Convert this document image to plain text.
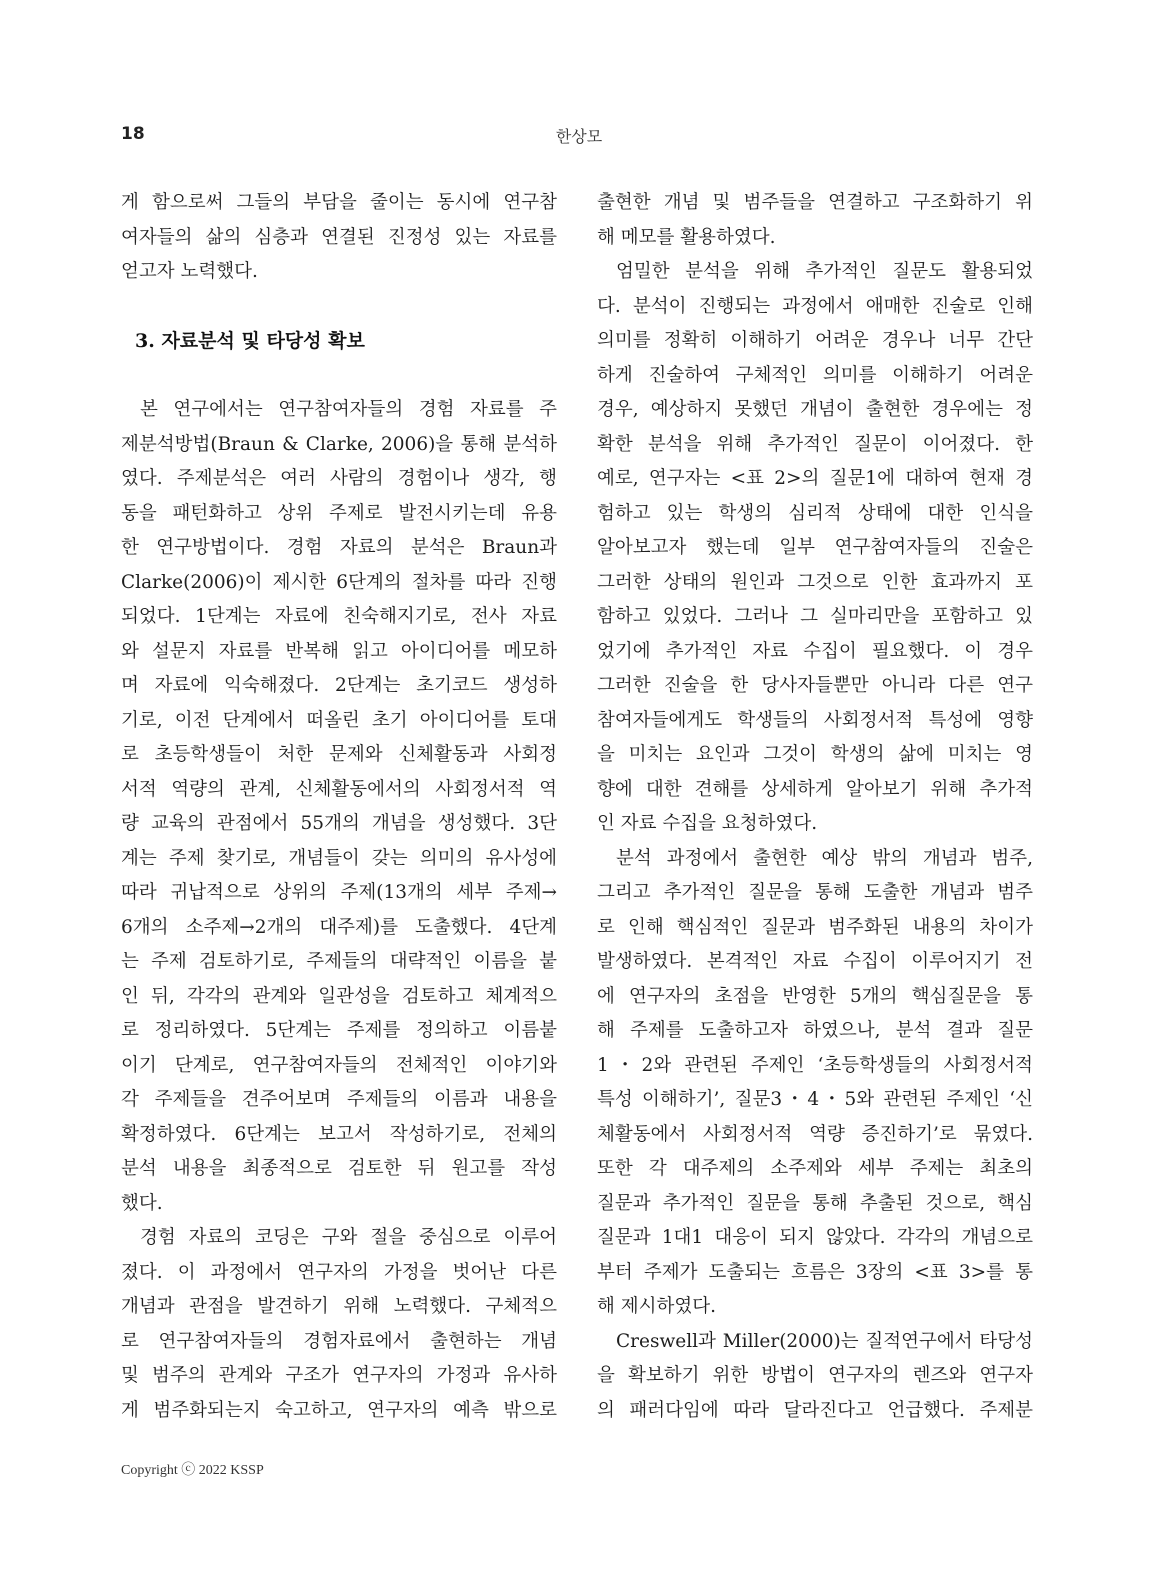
18	한상모
게 함으로써 그들의 부담을 줄이는 동시에 연구참
여자들의 삶의 심층과 연결된 진정성 있는 자료를
얻고자 노력했다.
3. 자료분석 및 타당성 확보
본 연구에서는 연구참여자들의 경험 자료를 주
제분석방법(Braun & Clarke, 2006)을 통해 분석하
였다. 주제분석은 여러 사람의 경험이나 생각, 행
동을 패턴화하고 상위 주제로 발전시키는데 유용
한 연구방법이다. 경험 자료의 분석은 Braun과
Clarke(2006)이 제시한 6단계의 절차를 따라 진행
되었다. 1단계는 자료에 친숙해지기로, 전사 자료
와 설문지 자료를 반복해 읽고 아이디어를 메모하
며 자료에 익숙해졌다. 2단계는 초기코드 생성하
기로, 이전 단계에서 떠올린 초기 아이디어를 토대
로 초등학생들이 처한 문제와 신체활동과 사회정
서적 역량의 관계, 신체활동에서의 사회정서적 역
량 교육의 관점에서 55개의 개념을 생성했다. 3단
계는 주제 찾기로, 개념들이 갖는 의미의 유사성에
따라 귀납적으로 상위의 주제(13개의 세부 주제→
6개의 소주제→2개의 대주제)를 도출했다. 4단계
는 주제 검토하기로, 주제들의 대략적인 이름을 붙
인 뒤, 각각의 관계와 일관성을 검토하고 체계적으
로 정리하였다. 5단계는 주제를 정의하고 이름붙
이기 단계로, 연구참여자들의 전체적인 이야기와
각 주제들을 견주어보며 주제들의 이름과 내용을
확정하였다. 6단계는 보고서 작성하기로, 전체의
분석 내용을 최종적으로 검토한 뒤 원고를 작성
했다.
경험 자료의 코딩은 구와 절을 중심으로 이루어
졌다. 이 과정에서 연구자의 가정을 벗어난 다른
개념과 관점을 발견하기 위해 노력했다. 구체적으
로 연구참여자들의 경험자료에서 출현하는 개념
및 범주의 관계와 구조가 연구자의 가정과 유사하
게 범주화되는지 숙고하고, 연구자의 예측 밖으로
출현한 개념 및 범주들을 연결하고 구조화하기 위
해 메모를 활용하였다.
엄밀한 분석을 위해 추가적인 질문도 활용되었
다. 분석이 진행되는 과정에서 애매한 진술로 인해
의미를 정확히 이해하기 어려운 경우나 너무 간단
하게 진술하여 구체적인 의미를 이해하기 어려운
경우, 예상하지 못했던 개념이 출현한 경우에는 정
확한 분석을 위해 추가적인 질문이 이어졌다. 한
예로, 연구자는 <표 2>의 질문1에 대하여 현재 경
험하고 있는 학생의 심리적 상태에 대한 인식을
알아보고자 했는데 일부 연구참여자들의 진술은
그러한 상태의 원인과 그것으로 인한 효과까지 포
함하고 있었다. 그러나 그 실마리만을 포함하고 있
었기에 추가적인 자료 수집이 필요했다. 이 경우
그러한 진술을 한 당사자들뿐만 아니라 다른 연구
참여자들에게도 학생들의 사회정서적 특성에 영향
을 미치는 요인과 그것이 학생의 삶에 미치는 영
향에 대한 견해를 상세하게 알아보기 위해 추가적
인 자료 수집을 요청하였다.
분석 과정에서 출현한 예상 밖의 개념과 범주,
그리고 추가적인 질문을 통해 도출한 개념과 범주
로 인해 핵심적인 질문과 범주화된 내용의 차이가
발생하였다. 본격적인 자료 수집이 이루어지기 전
에 연구자의 초점을 반영한 5개의 핵심질문을 통
해 주제를 도출하고자 하였으나, 분석 결과 질문
1・2와 관련된 주제인 ‘초등학생들의 사회정서적
특성 이해하기’, 질문3・4・5와 관련된 주제인 ‘신
체활동에서 사회정서적 역량 증진하기’로 묶였다.
또한 각 대주제의 소주제와 세부 주제는 최초의
질문과 추가적인 질문을 통해 추출된 것으로, 핵심
질문과 1대1 대응이 되지 않았다. 각각의 개념으로
부터 주제가 도출되는 흐름은 3장의 <표 3>를 통
해 제시하였다.
Creswell과 Miller(2000)는 질적연구에서 타당성
을 확보하기 위한 방법이 연구자의 렌즈와 연구자
의 패러다임에 따라 달라진다고 언급했다. 주제분
Copyright ⓒ 2022 KSSP
